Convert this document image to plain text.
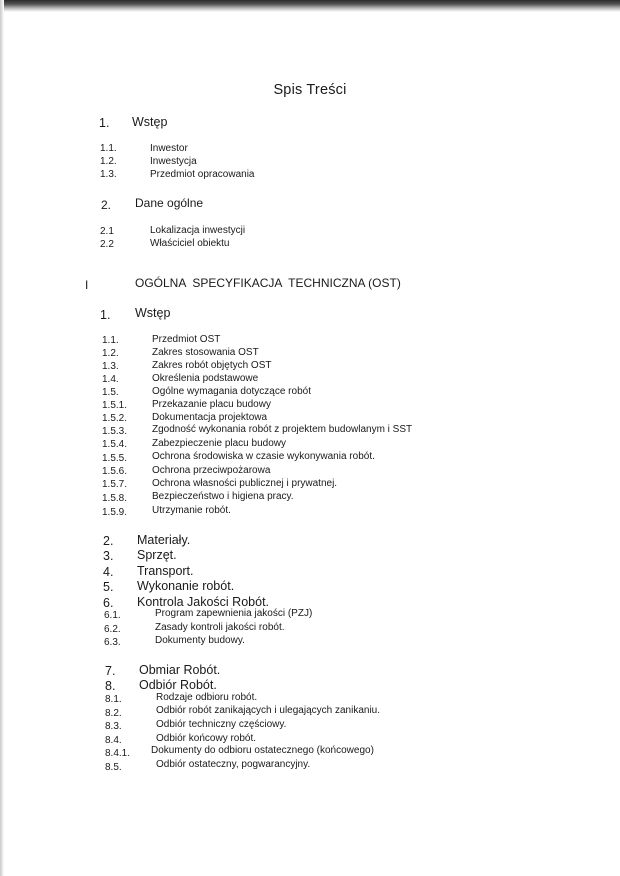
Spis Treści
1. Wstęp
1.1.	Inwestor
1.2.	Inwestycja
1.3.	Przedmiot opracowania
2. Dane ogólne
2.1	Lokalizacja inwestycji
2.2	Właściciel obiektu
I	OGÓLNA  SPECYFIKACJA  TECHNICZNA (OST)
1. Wstęp
1.1.	Przedmiot OST
1.2.	Zakres stosowania OST
1.3.	Zakres robót objętych OST
1.4.	Określenia podstawowe
1.5.	Ogólne wymagania dotyczące robót
1.5.1. Przekazanie placu budowy
1.5.2. Dokumentacja projektowa
1.5.3. Zgodność wykonania robót z projektem budowlanym i SST
1.5.4. Zabezpieczenie placu budowy
1.5.5. Ochrona środowiska w czasie wykonywania robót.
1.5.6. Ochrona przeciwpożarowa
1.5.7. Ochrona własności publicznej i prywatnej.
1.5.8. Bezpieczeństwo i higiena pracy.
1.5.9. Utrzymanie robót.
2. Materiały.
3. Sprzęt.
4. Transport.
5. Wykonanie robót.
6. Kontrola Jakości Robót.
6.1.	Program zapewnienia jakości (PZJ)
6.2.	Zasady kontroli jakości robót.
6.3.	Dokumenty budowy.
7. Obmiar Robót.
8. Odbiór Robót.
8.1.	Rodzaje odbioru robót.
8.2.	Odbiór robót zanikających i ulegających zanikaniu.
8.3.	Odbiór techniczny częściowy.
8.4.	Odbiór końcowy robót.
8.4.1. Dokumenty do odbioru ostatecznego (końcowego)
8.5.	Odbiór ostateczny, pogwarancyjny.
